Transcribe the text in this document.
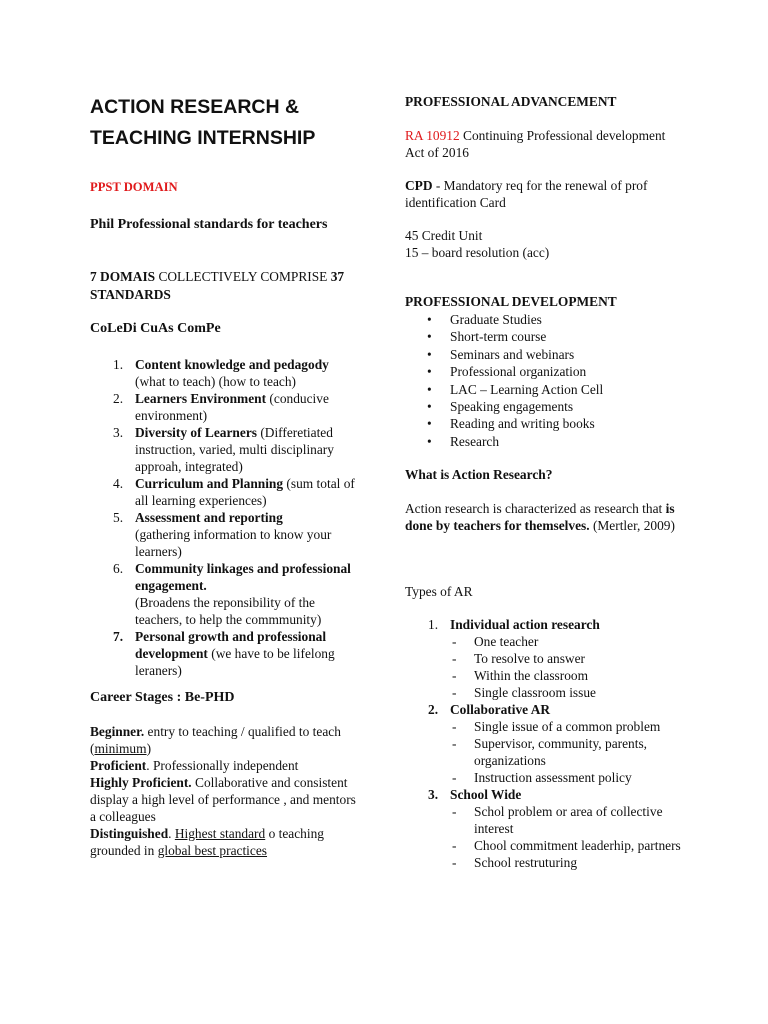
ACTION RESEARCH & TEACHING INTERNSHIP
PPST DOMAIN
Phil Professional standards for teachers
7 DOMAIS COLLECTIVELY COMPRISE 37 STANDARDS
CoLeDi CuAs ComPe
1. Content knowledge and pedagody
(what to teach) (how to teach)
2. Learners Environment (conducive environment)
3. Diversity of Learners (Differetiated instruction, varied, multi disciplinary approah, integrated)
4. Curriculum and Planning (sum total of all learning experiences)
5. Assessment and reporting
(gathering information to know your learners)
6. Community linkages and professional engagement.
(Broadens the reponsibility of the teachers, to help the commmunity)
7. Personal growth and professional development (we have to be lifelong leraners)
Career Stages : Be-PHD

Beginner. entry to teaching / qualified to teach (minimum)

Proficient. Professionally independent

Highly Proficient. Collaborative and consistent display a high level of performance , and mentors a colleagues

Distinguished. Highest standard o teaching grounded in global best practices

PROFESSIONAL ADVANCEMENT
RA 10912 Continuing Professional development Act of 2016
CPD - Mandatory req for the renewal of prof identification Card

45 Credit Unit

15 – board resolution (acc)

PROFESSIONAL DEVELOPMENT
• Graduate Studies
• Short-term course
• Seminars and webinars
• Professional organization
• LAC – Learning Action Cell
• Speaking engagements
• Reading and writing books
• Research
What is Action Research?
Action research is characterized as research that is done by teachers for themselves. (Mertler, 2009)
Types of AR
1. Individual action research
- One teacher
- To resolve to answer
- Within the classroom
- Single classroom issue
2. Collaborative AR
- Single issue of a common problem
- Supervisor, community, parents, organizations
- Instruction assessment policy
3. School Wide
- Schol problem or area of collective interest
- Chool commitment leaderhip, partners
- School restruturing
